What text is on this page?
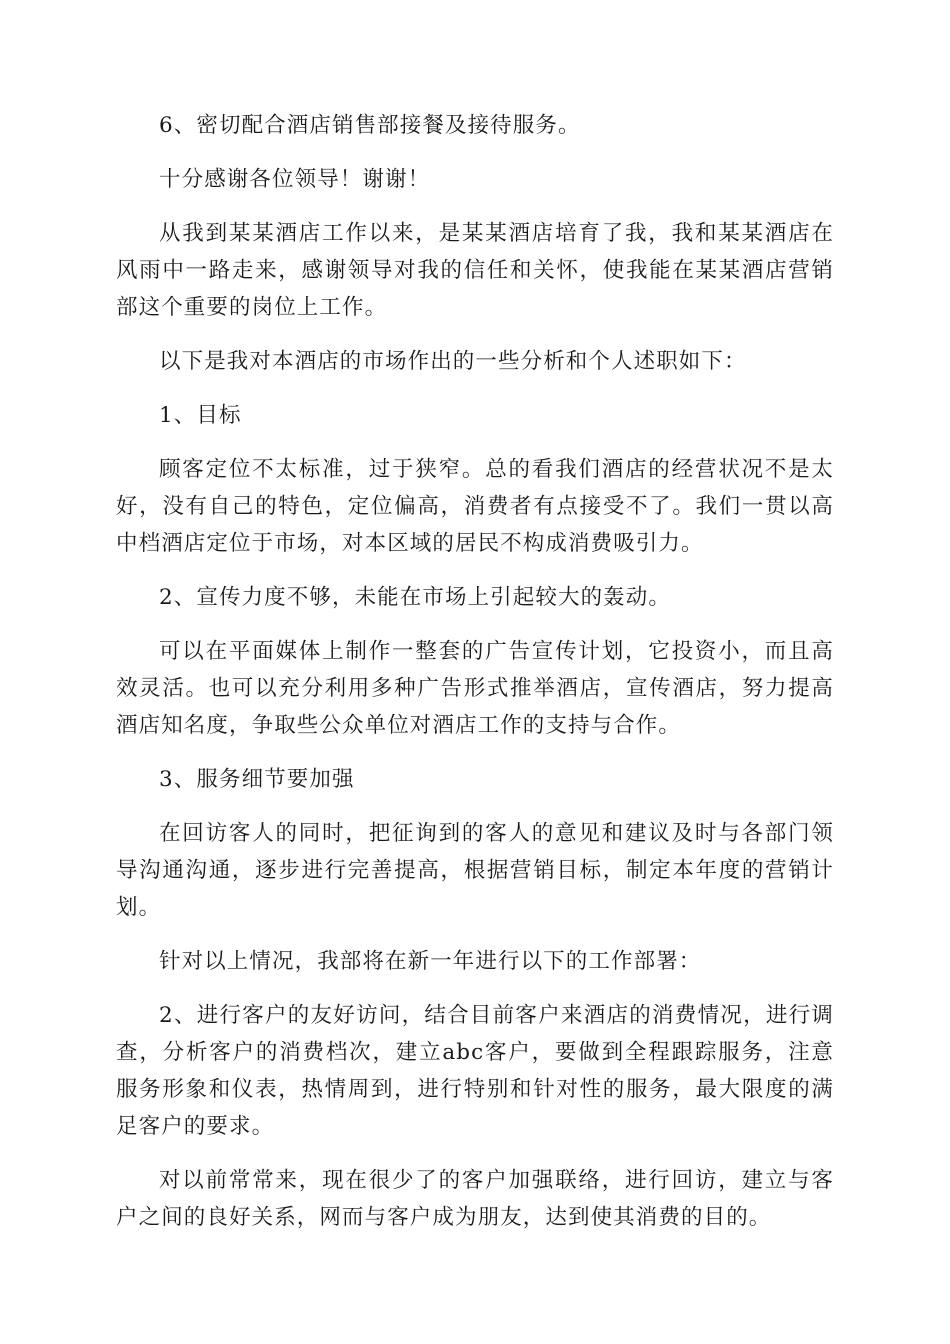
6、密切配合酒店销售部接餐及接待服务。

十分感谢各位领导！谢谢！

从我到某某酒店工作以来，是某某酒店培育了我，我和某某酒店在风雨中一路走来，感谢领导对我的信任和关怀，使我能在某某酒店营销部这个重要的岗位上工作。

以下是我对本酒店的市场作出的一些分析和个人述职如下：

1、目标

顾客定位不太标准，过于狭窄。总的看我们酒店的经营状况不是太好，没有自己的特色，定位偏高，消费者有点接受不了。我们一贯以高中档酒店定位于市场，对本区域的居民不构成消费吸引力。

2、宣传力度不够，未能在市场上引起较大的轰动。

可以在平面媒体上制作一整套的广告宣传计划，它投资小，而且高效灵活。也可以充分利用多种广告形式推举酒店，宣传酒店，努力提高酒店知名度，争取些公众单位对酒店工作的支持与合作。

3、服务细节要加强

在回访客人的同时，把征询到的客人的意见和建议及时与各部门领导沟通沟通，逐步进行完善提高，根据营销目标，制定本年度的营销计划。

针对以上情况，我部将在新一年进行以下的工作部署：

2、进行客户的友好访问，结合目前客户来酒店的消费情况，进行调查，分析客户的消费档次，建立abc客户，要做到全程跟踪服务，注意服务形象和仪表，热情周到，进行特别和针对性的服务，最大限度的满足客户的要求。

对以前常常来，现在很少了的客户加强联络，进行回访，建立与客户之间的良好关系，网而与客户成为朋友，达到使其消费的目的。
